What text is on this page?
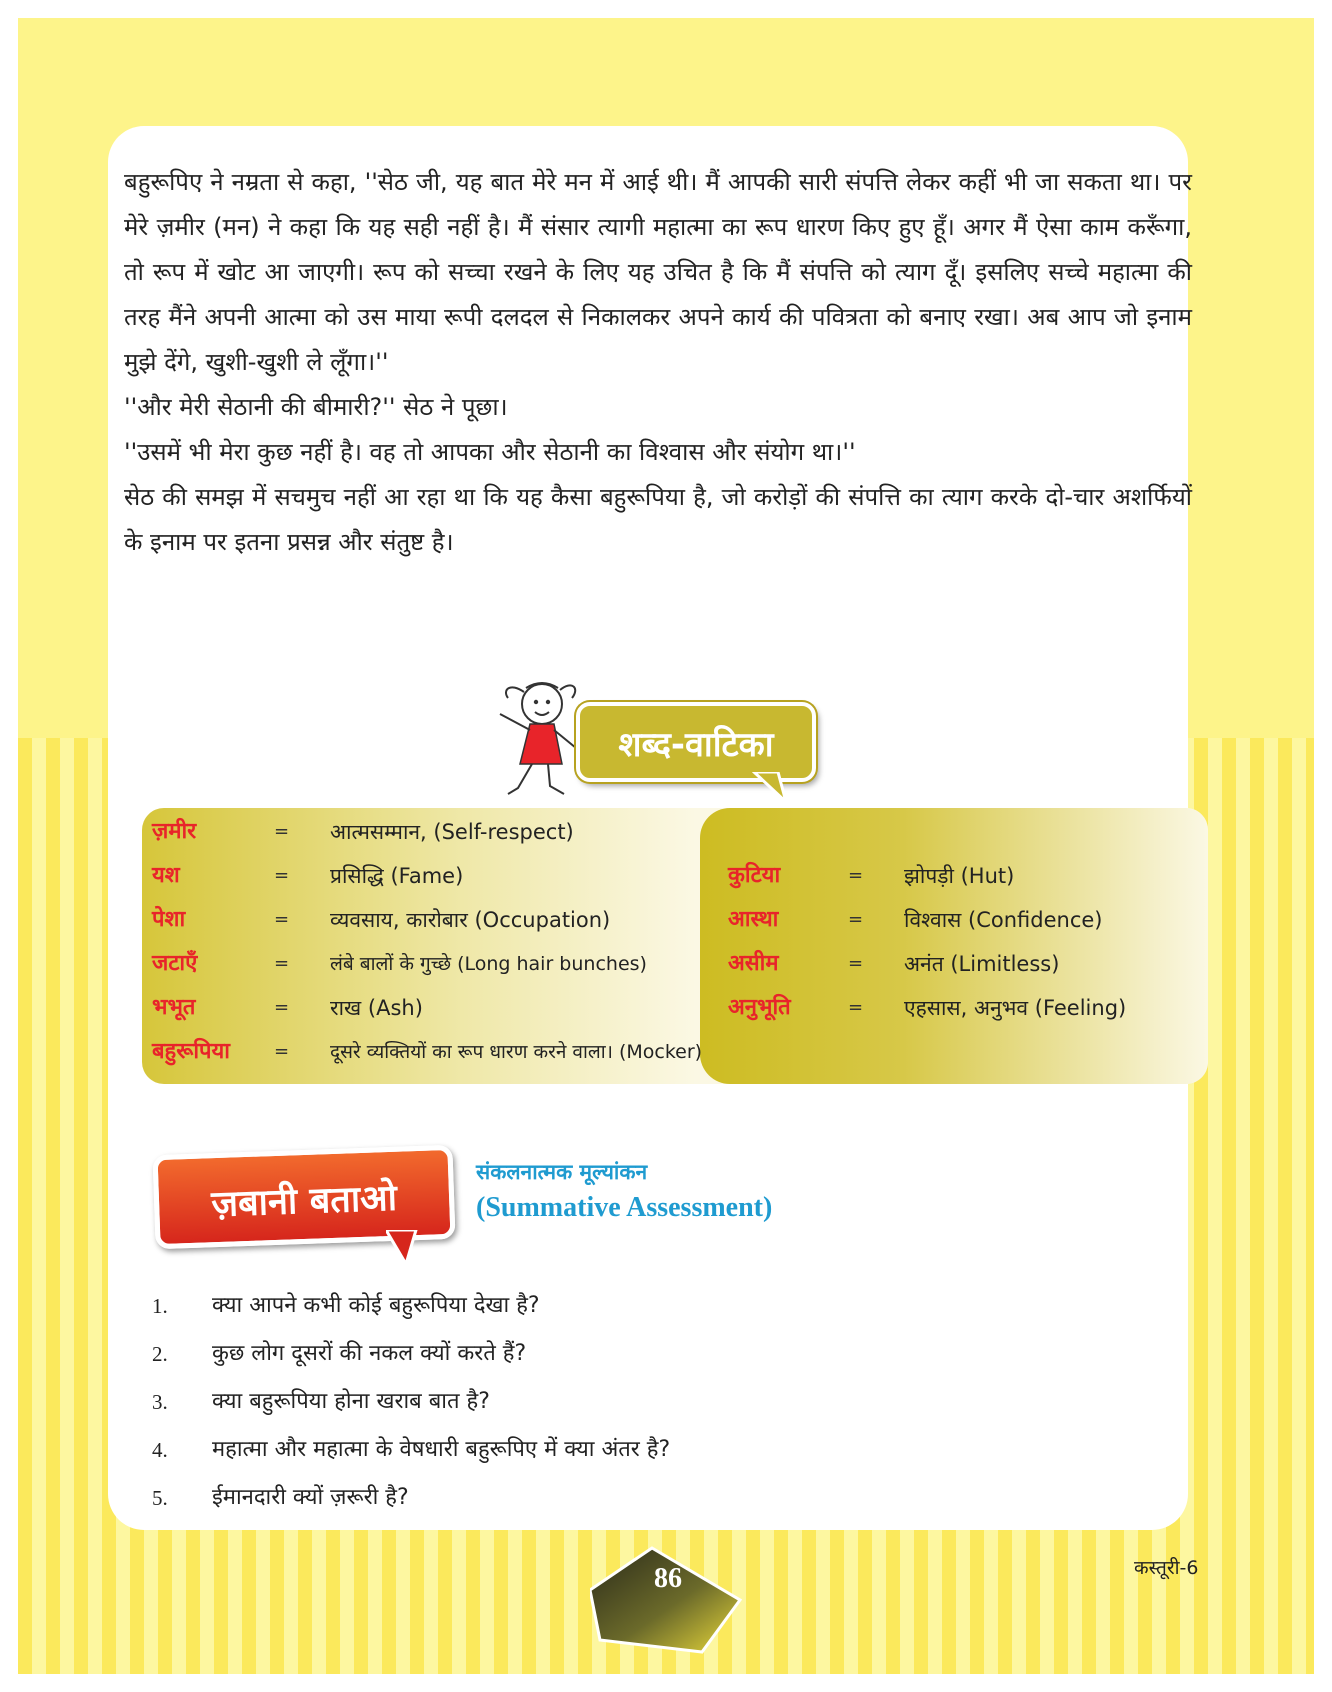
बहुरूपिए ने नम्रता से कहा, ''सेठ जी, यह बात मेरे मन में आई थी। मैं आपकी सारी संपत्ति लेकर कहीं भी जा सकता था। पर मेरे ज़मीर (मन) ने कहा कि यह सही नहीं है। मैं संसार त्यागी महात्मा का रूप धारण किए हुए हूँ। अगर मैं ऐसा काम करूँगा, तो रूप में खोट आ जाएगी। रूप को सच्चा रखने के लिए यह उचित है कि मैं संपत्ति को त्याग दूँ। इसलिए सच्चे महात्मा की तरह मैंने अपनी आत्मा को उस माया रूपी दलदल से निकालकर अपने कार्य की पवित्रता को बनाए रखा। अब आप जो इनाम मुझे देंगे, खुशी-खुशी ले लूँगा।''

''और मेरी सेठानी की बीमारी?'' सेठ ने पूछा।

''उसमें भी मेरा कुछ नहीं है। वह तो आपका और सेठानी का विश्वास और संयोग था।''

सेठ की समझ में सचमुच नहीं आ रहा था कि यह कैसा बहुरूपिया है, जो करोड़ों की संपत्ति का त्याग करके दो-चार अशर्फियों के इनाम पर इतना प्रसन्न और संतुष्ट है।

शब्द-वाटिका
ज़मीर	= आत्मसम्मान, (Self-respect)
यश	= प्रसिद्धि (Fame)
पेशा	= व्यवसाय, कारोबार (Occupation)
जटाएँ	= लंबे बालों के गुच्छे (Long hair bunches)
भभूत	= राख (Ash)
बहुरूपिया = दूसरे व्यक्तियों का रूप धारण करने वाला। (Mocker)
कुटिया	= झोपड़ी (Hut)
आस्था	= विश्वास (Confidence)
असीम	= अनंत (Limitless)
अनुभूति	= एहसास, अनुभव (Feeling)
ज़बानी बताओ
संकलनात्मक मूल्यांकन
(Summative Assessment)
1. क्या आपने कभी कोई बहुरूपिया देखा है?
2. कुछ लोग दूसरों की नकल क्यों करते हैं?
3. क्या बहुरूपिया होना खराब बात है?
4. महात्मा और महात्मा के वेषधारी बहुरूपिए में क्या अंतर है?
5. ईमानदारी क्यों ज़रूरी है?
86	कस्तूरी-6
